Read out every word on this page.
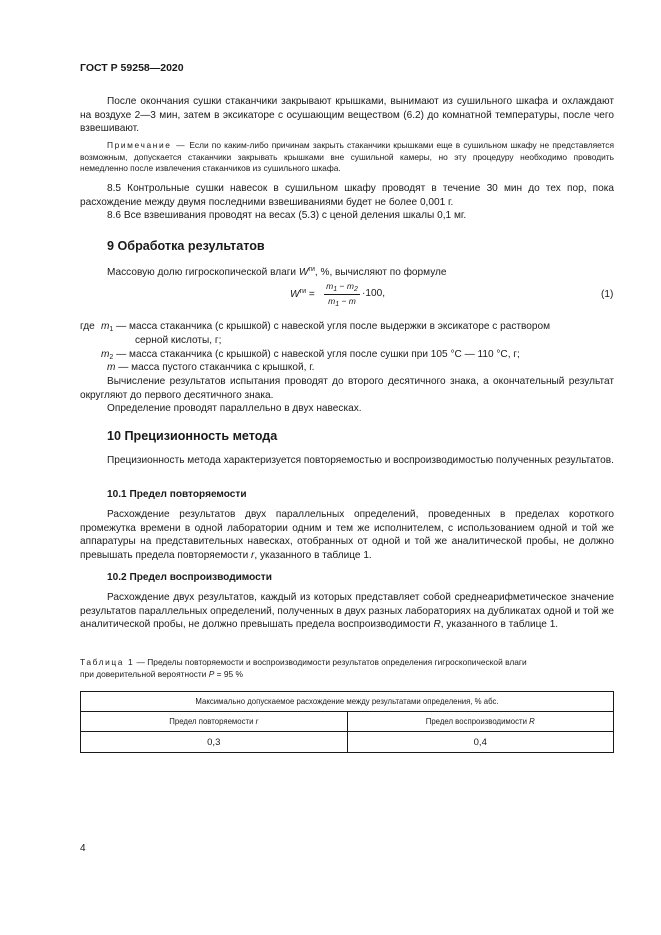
ГОСТ Р 59258—2020

После окончания сушки стаканчики закрывают крышками, вынимают из сушильного шкафа и охлаждают на воздухе 2—3 мин, затем в эксикаторе с осушающим веществом (6.2) до комнатной температуры, после чего взвешивают.

Примечание — Если по каким-либо причинам закрыть стаканчики крышками еще в сушильном шкафу не представляется возможным, допускается стаканчики закрывать крышками вне сушильной камеры, но эту процедуру необходимо проводить немедленно после извлечения стаканчиков из сушильного шкафа.

8.5 Контрольные сушки навесок в сушильном шкафу проводят в течение 30 мин до тех пор, пока расхождение между двумя последними взвешиваниями будет не более 0,001 г.

8.6 Все взвешивания проводят на весах (5.3) с ценой деления шкалы 0,1 мг.

9 Обработка результатов

Массовую долю гигроскопической влаги $W^{ги}$, %, вычисляют по формуле

$W^{ги} = \frac{m_1 - m_2}{m_1 - m} \cdot 100$,	(1)
где $m_1$ — масса стаканчика (с крышкой) с навеской угля после выдержки в эксикаторе с раствором
серной кислоты, г;
$m_2$ — масса стаканчика (с крышкой) с навеской угля после сушки при 105 °С — 110 °С, г;
m — масса пустого стаканчика с крышкой, г.

Вычисление результатов испытания проводят до второго десятичного знака, а окончательный результат округляют до первого десятичного знака.

Определение проводят параллельно в двух навесках.

10 Прецизионность метода

Прецизионность метода характеризуется повторяемостью и воспроизводимостью полученных результатов.

10.1 Предел повторяемости

Расхождение результатов двух параллельных определений, проведенных в пределах короткого промежутка времени в одной лаборатории одним и тем же исполнителем, с использованием одной и той же аппаратуры на представительных навесках, отобранных от одной и той же аналитической пробы, не должно превышать предела повторяемости r, указанного в таблице 1.

10.2 Предел воспроизводимости

Расхождение двух результатов, каждый из которых представляет собой среднеарифметическое значение результатов параллельных определений, полученных в двух разных лабораториях на дубликатах одной и той же аналитической пробы, не должно превышать предела воспроизводимости R, указанного в таблице 1.

Таблица 1 — Пределы повторяемости и воспроизводимости результатов определения гигроскопической влаги
при доверительной вероятности P = 95 %

Максимально допускаемое расхождение между результатами определения, % абс.	
Предел повторяемости r	Предел воспроизводимости R
0,3	0,4
4
